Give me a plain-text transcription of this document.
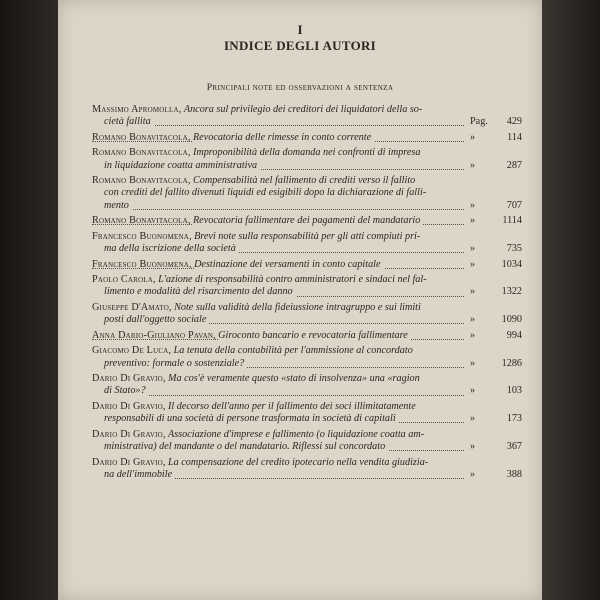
I
INDICE DEGLI AUTORI
Principali note ed osservazioni a sentenza
Massimo Apromolla, Ancora sul privilegio dei creditori dei liquidatori della so-
cietà fallita	Pag. 429
Romano Bonavitacola, Revocatoria delle rimesse in conto corrente	»	114
Romano Bonavitacola, Improponibilità della domanda nei confronti di impresa
in liquidazione coatta amministrativa	»	287
Romano Bonavitacola, Compensabilità nel fallimento di crediti verso il fallito
con crediti del fallito divenuti liquidi ed esigibili dopo la dichiarazione di falli-
mento	»	707
Romano Bonavitacola, Revocatoria fallimentare dei pagamenti del mandatario	»	1114
Francesco Buonomena, Brevi note sulla responsabilità per gli atti compiuti pri-
ma della iscrizione della società	»	735
Francesco Buonomena, Destinazione dei versamenti in conto capitale	»	1034
Paolo Carola, L'azione di responsabilità contro amministratori e sindaci nel fal-
limento e modalità del risarcimento del danno	»	1322
Giuseppe D'Amato, Note sulla validità della fideiussione intragruppo e sui limiti
posti dall'oggetto sociale	»	1090
Anna Dario-Giuliano Pavan, Giroconto bancario e revocatoria fallimentare	»	994
Giacomo De Luca, La tenuta della contabilità per l'ammissione al concordato
preventivo: formale o sostenziale?	»	1286
Dario Di Gravio, Ma cos'è veramente questo «stato di insolvenza» una «ragion
di Stato»?	»	103
Dario Di Gravio, Il decorso dell'anno per il fallimento dei soci illimitatamente
responsabili di una società di persone trasformata in società di capitali	»	173
Dario Di Gravio, Associazione d'imprese e fallimento (o liquidazione coatta am-
ministrativa) del mandante o del mandatario. Riflessi sul concordato	»	367
Dario Di Gravio, La compensazione del credito ipotecario nella vendita giudizia-
na dell'immobile	»	388
